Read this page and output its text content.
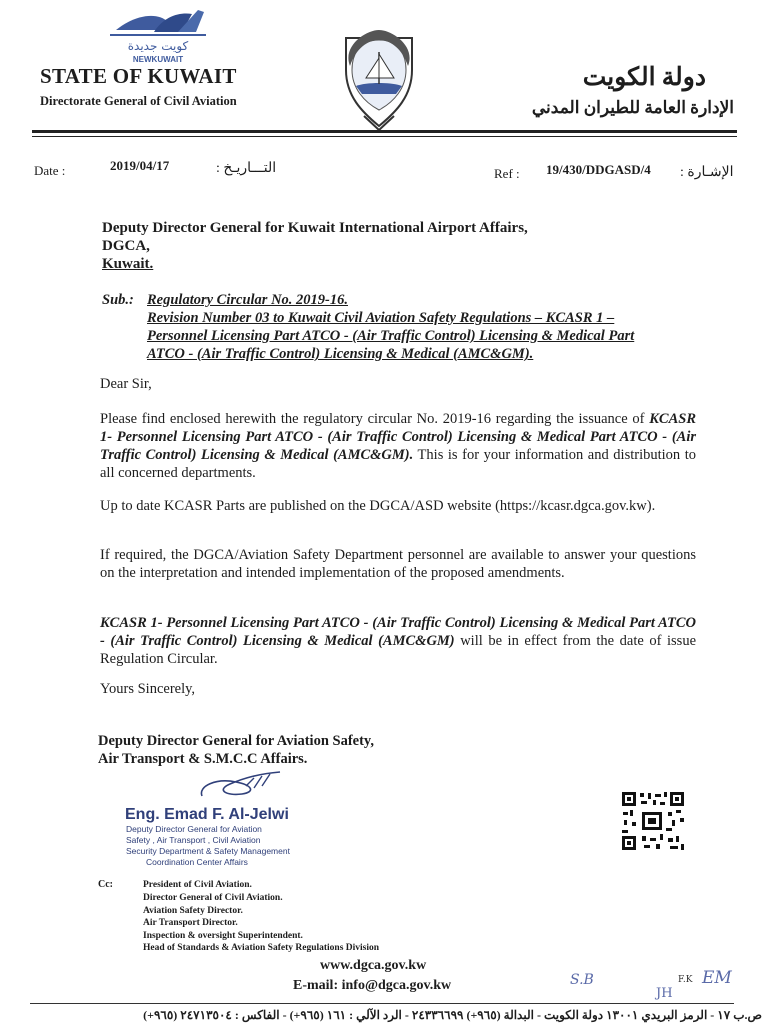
كويت جديدة
NEWKUWAIT
STATE OF KUWAIT
Directorate General of Civil Aviation
دولة الكويت
الإدارة العامة للطيران المدني
Date :	2019/04/17	التـــاريـخ :	Ref : 19/430/DDGASD/4 الإشـارة :
Deputy Director General for Kuwait International Airport Affairs,
DGCA,
Kuwait.
Sub.: Regulatory Circular No. 2019-16.
Revision Number 03 to Kuwait Civil Aviation Safety Regulations – KCASR 1 –
Personnel Licensing Part ATCO - (Air Traffic Control) Licensing & Medical Part
ATCO - (Air Traffic Control) Licensing & Medical (AMC&GM).
Dear Sir,
Please find enclosed herewith the regulatory circular No. 2019-16 regarding the issuance of KCASR 1- Personnel Licensing Part ATCO - (Air Traffic Control) Licensing & Medical Part ATCO - (Air Traffic Control) Licensing & Medical (AMC&GM). This is for your information and distribution to all concerned departments.
Up to date KCASR Parts are published on the DGCA/ASD website (https://kcasr.dgca.gov.kw).
If required, the DGCA/Aviation Safety Department personnel are available to answer your questions on the interpretation and intended implementation of the proposed amendments.
KCASR 1- Personnel Licensing Part ATCO - (Air Traffic Control) Licensing & Medical Part ATCO - (Air Traffic Control) Licensing & Medical (AMC&GM) will be in effect from the date of issue Regulation Circular.
Yours Sincerely,
Deputy Director General for Aviation Safety,
Air Transport & S.M.C.C Affairs.
Eng. Emad F. Al-Jelwi
Deputy Director General for Aviation
Safety , Air Transport , Civil Aviation
Security Department & Safety Management
Coordination Center Affairs
Cc:	President of Civil Aviation.
Director General of Civil Aviation.
Aviation Safety Director.
Air Transport Director.
Inspection & oversight Superintendent.
Head of Standards & Aviation Safety Regulations Division
www.dgca.gov.kw
E-mail: info@dgca.gov.kw	S.B	F.K EM
JH
ص.ب ١٧ - الرمز البريدي ١٣٠٠١ دولة الكويت - البدالة (٩٦٥+) ٢٤٣٣٦٦٩٩ - الرد الآلي : ١٦١ (٩٦٥+) - الفاكس : ٢٤٧١٣٥٠٤ (٩٦٥+)
